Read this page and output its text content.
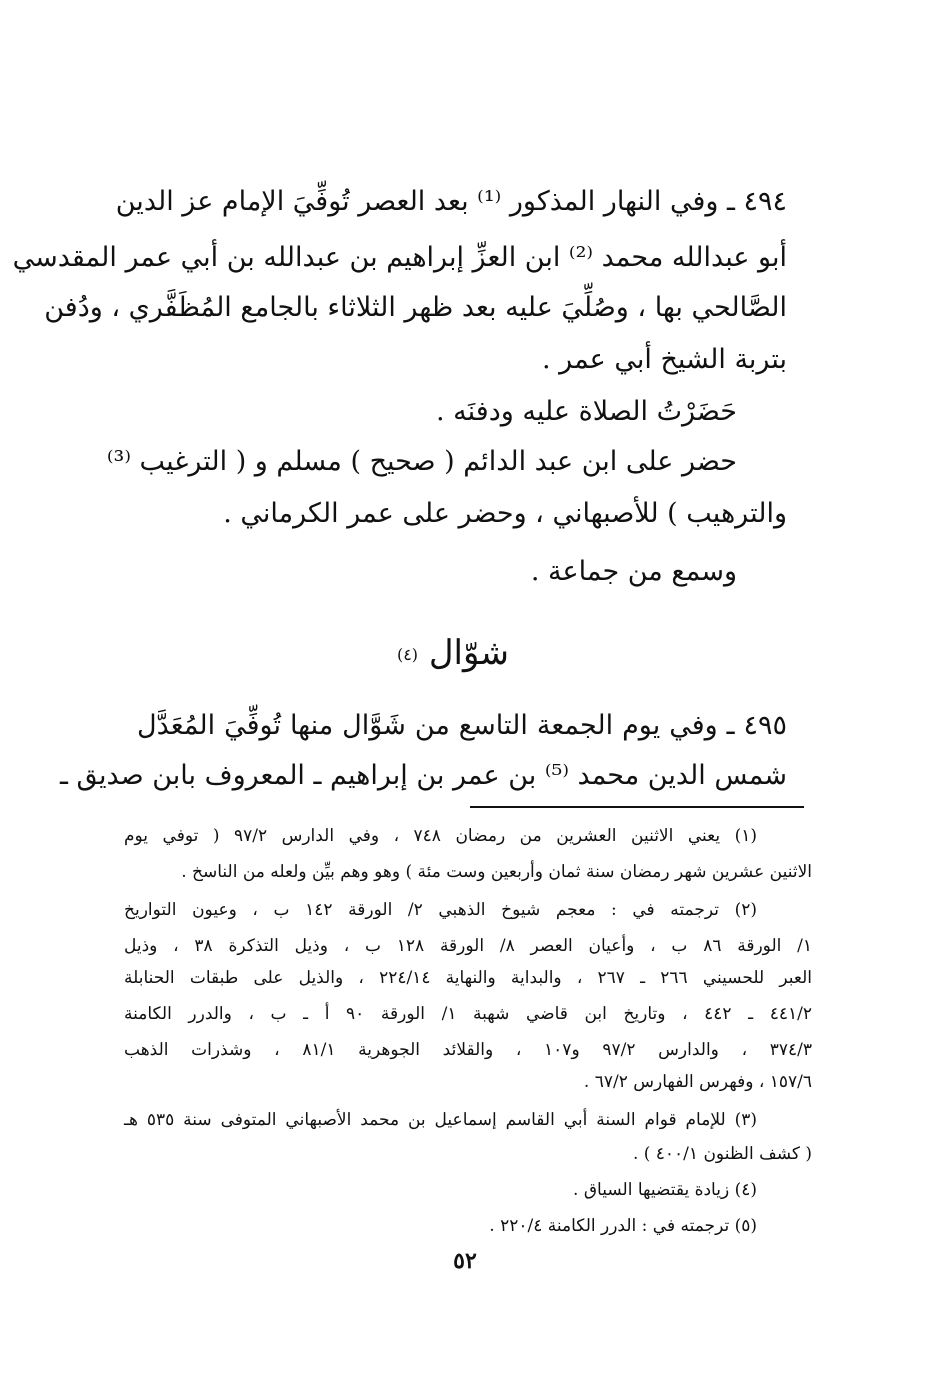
٤٩٤ ـ وفي النهار المذكور ⁽¹⁾ بعد العصر تُوفِّيَ الإمام عز الدين
أبو عبدالله محمد ⁽²⁾ ابن العزِّ إبراهيم بن عبدالله بن أبي عمر المقدسي
الصَّالحي بها ، وصُلِّيَ عليه بعد ظهر الثلاثاء بالجامع المُظَفَّري ، ودُفن
بتربة الشيخ أبي عمر .
حَضَرْتُ الصلاة عليه ودفنَه .
حضر على ابن عبد الدائم ( صحيح ) مسلم و ( الترغيب ⁽³⁾
والترهيب ) للأصبهاني ، وحضر على عمر الكرماني .
وسمع من جماعة .
شوّال (٤)
٤٩٥ ـ وفي يوم الجمعة التاسع من شَوَّال منها تُوفِّيَ المُعَدَّل
شمس الدين محمد ⁽⁵⁾ بن عمر بن إبراهيم ـ المعروف بابن صديق ـ
(١) يعني الاثنين العشرين من رمضان ٧٤٨ ، وفي الدارس ٩٧/٢ ( توفي يوم
الاثنين عشرين شهر رمضان سنة ثمان وأربعين وست مئة ) وهو وهم بيِّن ولعله من الناسخ .
(٢) ترجمته في : معجم شيوخ الذهبي ٢/ الورقة ١٤٢ ب ، وعيون التواريخ
١/ الورقة ٨٦ ب ، وأعيان العصر ٨/ الورقة ١٢٨ ب ، وذيل التذكرة ٣٨ ، وذيل
العبر للحسيني ٢٦٦ ـ ٢٦٧ ، والبداية والنهاية ٢٢٤/١٤ ، والذيل على طبقات الحنابلة
٤٤١/٢ ـ ٤٤٢ ، وتاريخ ابن قاضي شهبة ١/ الورقة ٩٠ أ ـ ب ، والدرر الكامنة
٣٧٤/٣ ، والدارس ٩٧/٢ و١٠٧ ، والقلائد الجوهرية ٨١/١ ، وشذرات الذهب
١٥٧/٦ ، وفهرس الفهارس ٦٧/٢ .
(٣) للإمام قوام السنة أبي القاسم إسماعيل بن محمد الأصبهاني المتوفى سنة ٥٣٥ هـ
( كشف الظنون ٤٠٠/١ ) .
(٤) زيادة يقتضيها السياق .
(٥) ترجمته في : الدرر الكامنة ٢٢٠/٤ .
٥٢
